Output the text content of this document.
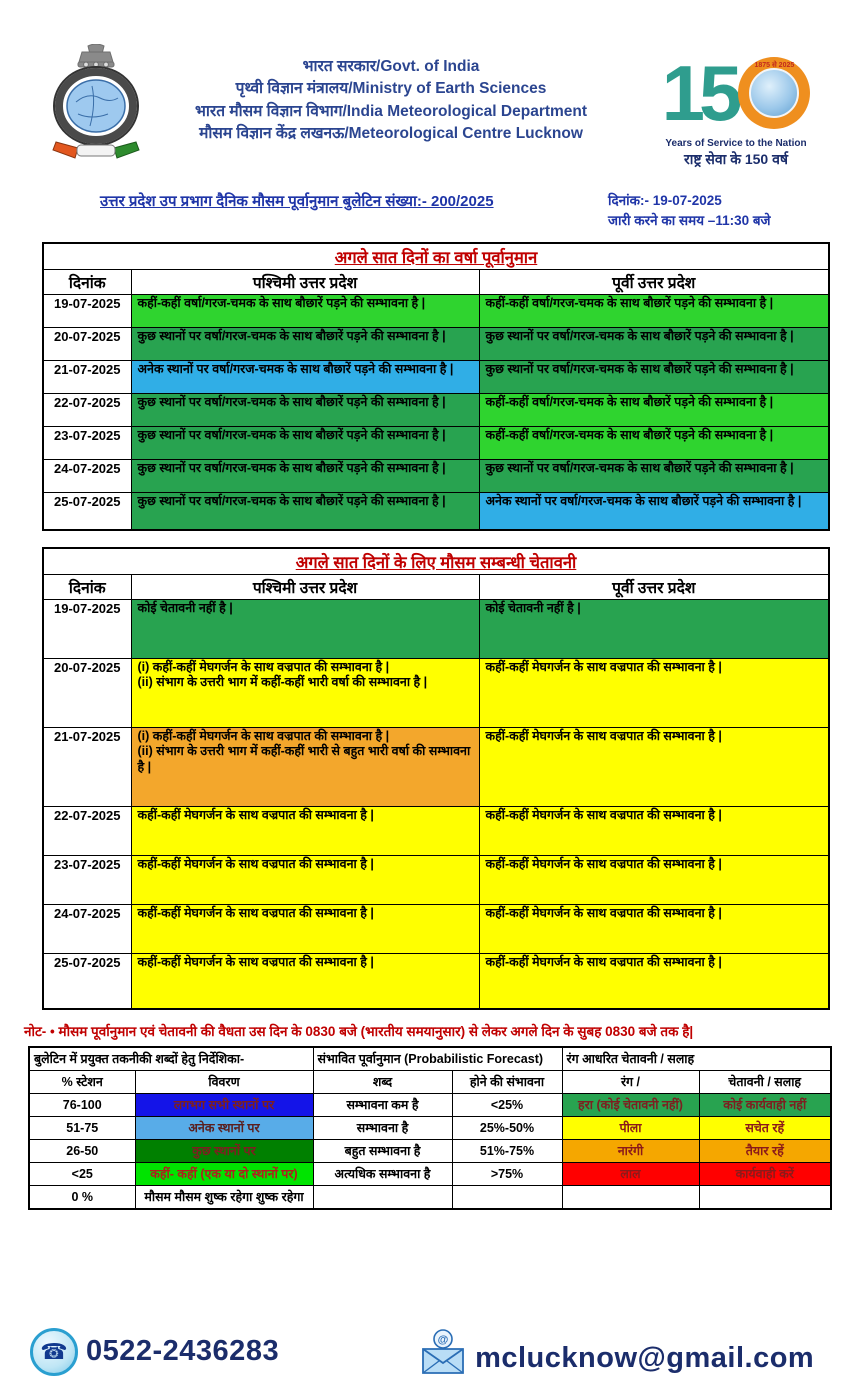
भारत सरकार/Govt. of India
पृथ्वी विज्ञान मंत्रालय/Ministry of Earth Sciences
भारत मौसम विज्ञान विभाग/India Meteorological Department
मौसम विज्ञान केंद्र लखनऊ/Meteorological Centre Lucknow	15	1875 से 2025
Years of Service to the Nation
राष्ट्र सेवा के 150 वर्ष
उत्तर प्रदेश उप प्रभाग दैनिक मौसम पूर्वानुमान बुलेटिन संख्या:- 200/2025	दिनांक:- 19-07-2025
जारी करने का समय –11:30 बजे
अगले सात दिनों का वर्षा पूर्वानुमान		
दिनांक	पश्चिमी उत्तर प्रदेश	पूर्वी उत्तर प्रदेश
19-07-2025	कहीं-कहीं वर्षा/गरज-चमक के साथ बौछारें पड़ने की सम्भावना है |	कहीं-कहीं वर्षा/गरज-चमक के साथ बौछारें पड़ने की सम्भावना है |
20-07-2025	कुछ स्थानों पर वर्षा/गरज-चमक के साथ बौछारें पड़ने की सम्भावना है |	कुछ स्थानों पर वर्षा/गरज-चमक के साथ बौछारें पड़ने की सम्भावना है |
21-07-2025	अनेक स्थानों पर वर्षा/गरज-चमक के साथ बौछारें पड़ने की सम्भावना है |	कुछ स्थानों पर वर्षा/गरज-चमक के साथ बौछारें पड़ने की सम्भावना है |
22-07-2025	कुछ स्थानों पर वर्षा/गरज-चमक के साथ बौछारें पड़ने की सम्भावना है |	कहीं-कहीं वर्षा/गरज-चमक के साथ बौछारें पड़ने की सम्भावना है |
23-07-2025	कुछ स्थानों पर वर्षा/गरज-चमक के साथ बौछारें पड़ने की सम्भावना है |	कहीं-कहीं वर्षा/गरज-चमक के साथ बौछारें पड़ने की सम्भावना है |
24-07-2025	कुछ स्थानों पर वर्षा/गरज-चमक के साथ बौछारें पड़ने की सम्भावना है |	कुछ स्थानों पर वर्षा/गरज-चमक के साथ बौछारें पड़ने की सम्भावना है |
25-07-2025	कुछ स्थानों पर वर्षा/गरज-चमक के साथ बौछारें पड़ने की सम्भावना है |	अनेक स्थानों पर वर्षा/गरज-चमक के साथ बौछारें पड़ने की सम्भावना है |
अगले सात दिनों के लिए मौसम सम्बन्धी चेतावनी		
दिनांक	पश्चिमी उत्तर प्रदेश	पूर्वी उत्तर प्रदेश
19-07-2025	कोई चेतावनी नहीं है |	कोई चेतावनी नहीं है |

20-07-2025	(i) कहीं-कहीं मेघगर्जन के साथ वज्रपात की सम्भावना है |
(ii) संभाग के उत्तरी भाग में कहीं-कहीं भारी वर्षा की सम्भावना है |	कहीं-कहीं मेघगर्जन के साथ वज्रपात की सम्भावना है |

21-07-2025	(i) कहीं-कहीं मेघगर्जन के साथ वज्रपात की सम्भावना है |
(ii) संभाग के उत्तरी भाग में कहीं-कहीं भारी से बहुत भारी वर्षा की सम्भावना है |	कहीं-कहीं मेघगर्जन के साथ वज्रपात की सम्भावना है |

22-07-2025	कहीं-कहीं मेघगर्जन के साथ वज्रपात की सम्भावना है |	कहीं-कहीं मेघगर्जन के साथ वज्रपात की सम्भावना है |

23-07-2025	कहीं-कहीं मेघगर्जन के साथ वज्रपात की सम्भावना है |	कहीं-कहीं मेघगर्जन के साथ वज्रपात की सम्भावना है |

24-07-2025	कहीं-कहीं मेघगर्जन के साथ वज्रपात की सम्भावना है |	कहीं-कहीं मेघगर्जन के साथ वज्रपात की सम्भावना है |

25-07-2025	कहीं-कहीं मेघगर्जन के साथ वज्रपात की सम्भावना है |	कहीं-कहीं मेघगर्जन के साथ वज्रपात की सम्भावना है |
नोट- • मौसम पूर्वानुमान एवं चेतावनी की वैधता उस दिन के 0830 बजे (भारतीय समयानुसार) से लेकर अगले दिन के सुबह 0830 बजे तक है|
बुलेटिन में प्रयुक्त तकनीकी शब्दों हेतु निर्देशिका-		संभावित पूर्वानुमान (Probabilistic Forecast)		रंग आधरित चेतावनी / सलाह	
% स्टेशन	विवरण	शब्द	होने की संभावना	रंग /	चेतावनी / सलाह
76-100	लगभग सभी स्थानों पर	सम्भावना कम है	<25%	हरा (कोई चेतावनी नहीं)	कोई कार्यवाही नहीं
51-75	अनेक स्थानों पर	सम्भावना है	25%-50%	पीला	सचेत रहें
26-50	कुछ स्थानों पर	बहुत सम्भावना है	51%-75%	नारंगी	तैयार रहें
<25	कहीं- कहीं (एक या दो स्थानों पर)	अत्यधिक सम्भावना है	>75%	लाल	कार्यवाही करें
0 %	मौसम मौसम शुष्क रहेगा शुष्क रहेगा				
☎ 0522-2436283	@
mclucknow@gmail.com
